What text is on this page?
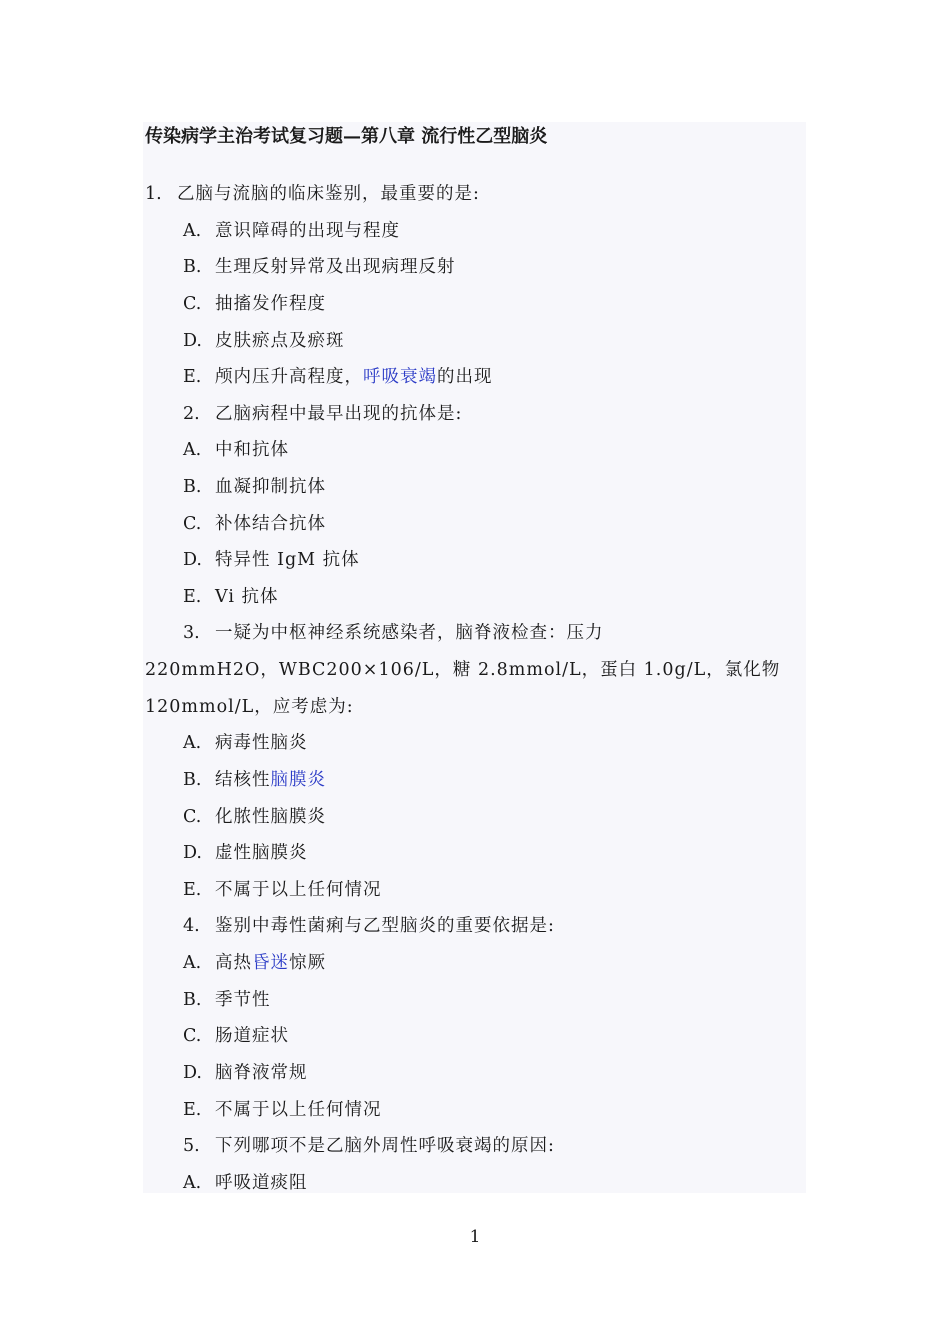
传染病学主治考试复习题—第八章 流行性乙型脑炎
1. 乙脑与流脑的临床鉴别，最重要的是:
A. 意识障碍的出现与程度
B. 生理反射异常及出现病理反射
C. 抽搐发作程度
D. 皮肤瘀点及瘀斑
E. 颅内压升高程度，呼吸衰竭的出现
2. 乙脑病程中最早出现的抗体是:
A. 中和抗体
B. 血凝抑制抗体
C. 补体结合抗体
D. 特异性 IgM 抗体
E. Vi 抗体
3. 一疑为中枢神经系统感染者，脑脊液检查：压力
220mmH2O，WBC200×106/L，糖 2.8mmol/L，蛋白 1.0g/L，氯化物
120mmol/L，应考虑为:
A. 病毒性脑炎
B. 结核性脑膜炎
C. 化脓性脑膜炎
D. 虚性脑膜炎
E. 不属于以上任何情况
4. 鉴别中毒性菌痢与乙型脑炎的重要依据是:
A. 高热昏迷惊厥
B. 季节性
C. 肠道症状
D. 脑脊液常规
E. 不属于以上任何情况
5. 下列哪项不是乙脑外周性呼吸衰竭的原因:
A. 呼吸道痰阻
1
